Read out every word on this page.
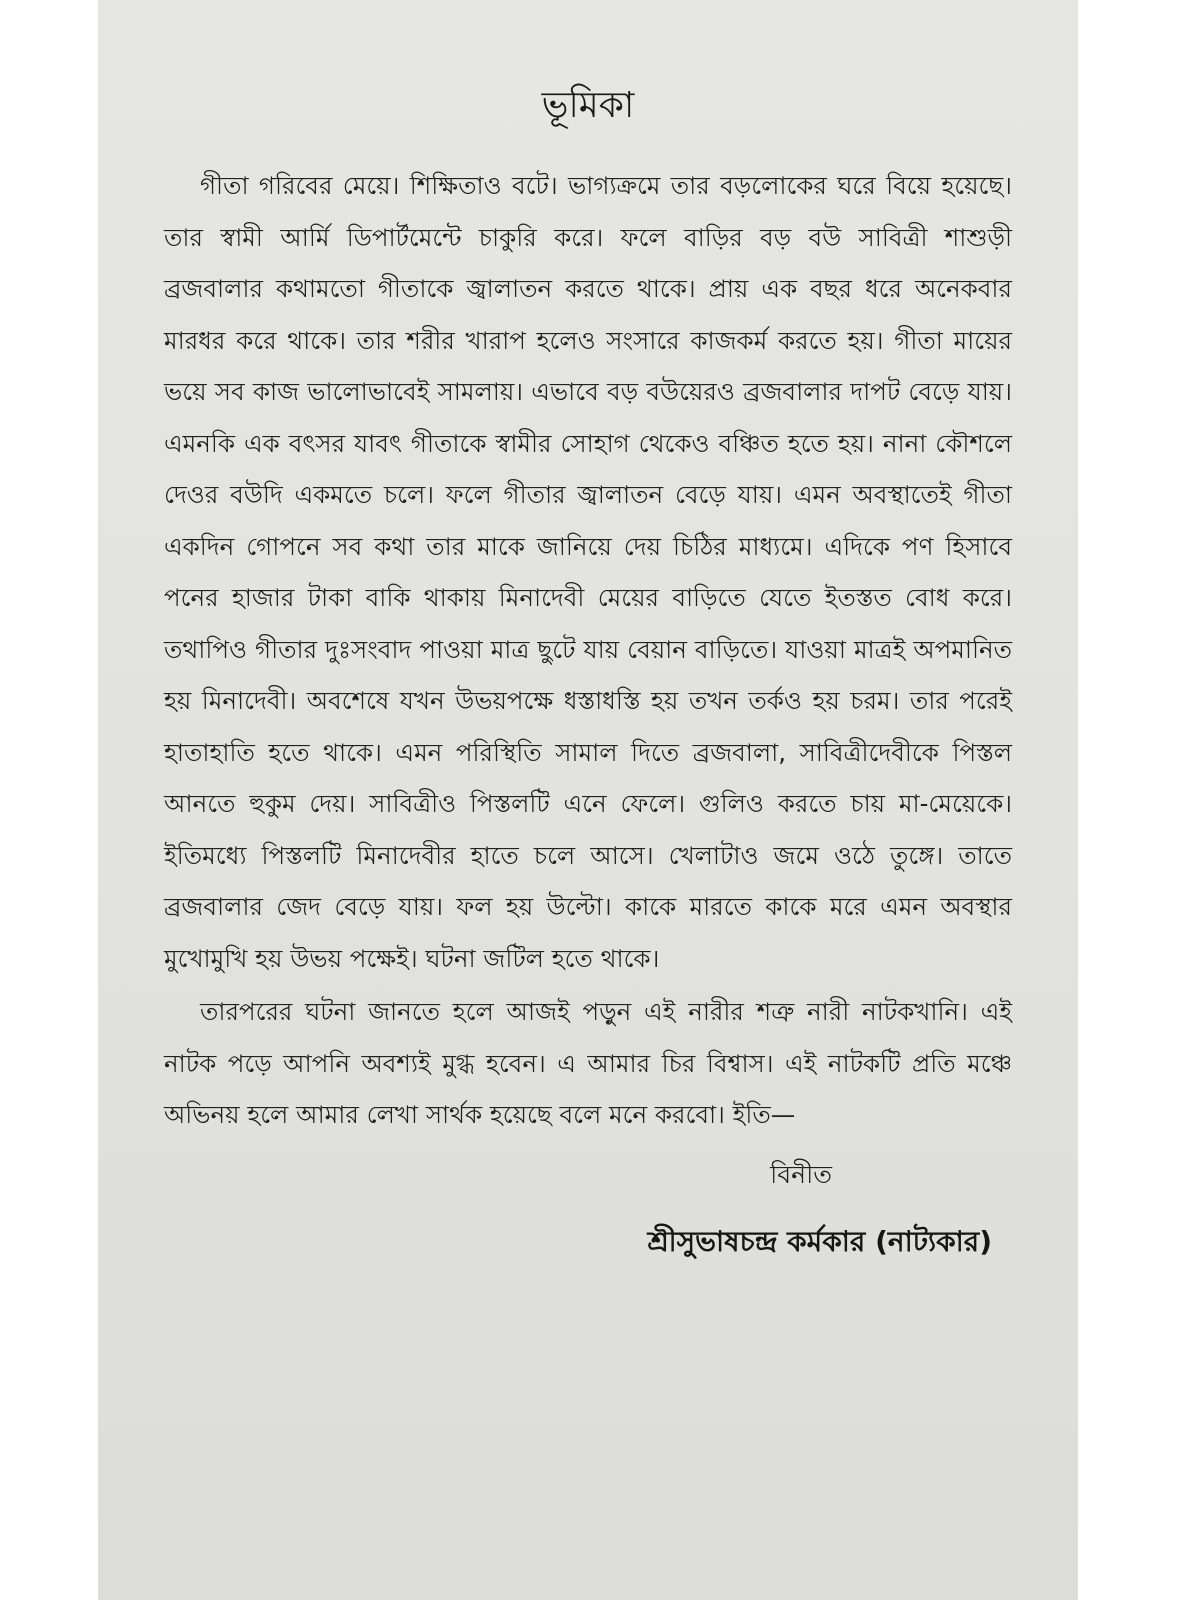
ভূমিকা

গীতা গরিবের মেয়ে। শিক্ষিতাও বটে। ভাগ্যক্রমে তার বড়লোকের ঘরে বিয়ে হয়েছে। তার স্বামী আর্মি ডিপার্টমেন্টে চাকুরি করে। ফলে বাড়ির বড় বউ সাবিত্রী শাশুড়ী ব্রজবালার কথামতো গীতাকে জ্বালাতন করতে থাকে। প্রায় এক বছর ধরে অনেকবার মারধর করে থাকে। তার শরীর খারাপ হলেও সংসারে কাজকর্ম করতে হয়। গীতা মায়ের ভয়ে সব কাজ ভালোভাবেই সামলায়। এভাবে বড় বউয়েরও ব্রজবালার দাপট বেড়ে যায়। এমনকি এক বৎসর যাবৎ গীতাকে স্বামীর সোহাগ থেকেও বঞ্চিত হতে হয়। নানা কৌশলে দেওর বউদি একমতে চলে। ফলে গীতার জ্বালাতন বেড়ে যায়। এমন অবস্থাতেই গীতা একদিন গোপনে সব কথা তার মাকে জানিয়ে দেয় চিঠির মাধ্যমে। এদিকে পণ হিসাবে পনের হাজার টাকা বাকি থাকায় মিনাদেবী মেয়ের বাড়িতে যেতে ইতস্তত বোধ করে। তথাপিও গীতার দুঃসংবাদ পাওয়া মাত্র ছুটে যায় বেয়ান বাড়িতে। যাওয়া মাত্রই অপমানিত হয় মিনাদেবী। অবশেষে যখন উভয়পক্ষে ধস্তাধস্তি হয় তখন তর্কও হয় চরম। তার পরেই হাতাহাতি হতে থাকে। এমন পরিস্থিতি সামাল দিতে ব্রজবালা, সাবিত্রীদেবীকে পিস্তল আনতে হুকুম দেয়। সাবিত্রীও পিস্তলটি এনে ফেলে। গুলিও করতে চায় মা-মেয়েকে। ইতিমধ্যে পিস্তলটি মিনাদেবীর হাতে চলে আসে। খেলাটাও জমে ওঠে তুঙ্গে। তাতে ব্রজবালার জেদ বেড়ে যায়। ফল হয় উল্টো। কাকে মারতে কাকে মরে এমন অবস্থার মুখোমুখি হয় উভয় পক্ষেই। ঘটনা জটিল হতে থাকে।

তারপরের ঘটনা জানতে হলে আজই পড়ুন এই নারীর শত্রু নারী নাটকখানি। এই নাটক পড়ে আপনি অবশ্যই মুগ্ধ হবেন। এ আমার চির বিশ্বাস। এই নাটকটি প্রতি মঞ্চে অভিনয় হলে আমার লেখা সার্থক হয়েছে বলে মনে করবো। ইতি—

বিনীত
শ্রীসুভাষচন্দ্র কর্মকার (নাট্যকার)
